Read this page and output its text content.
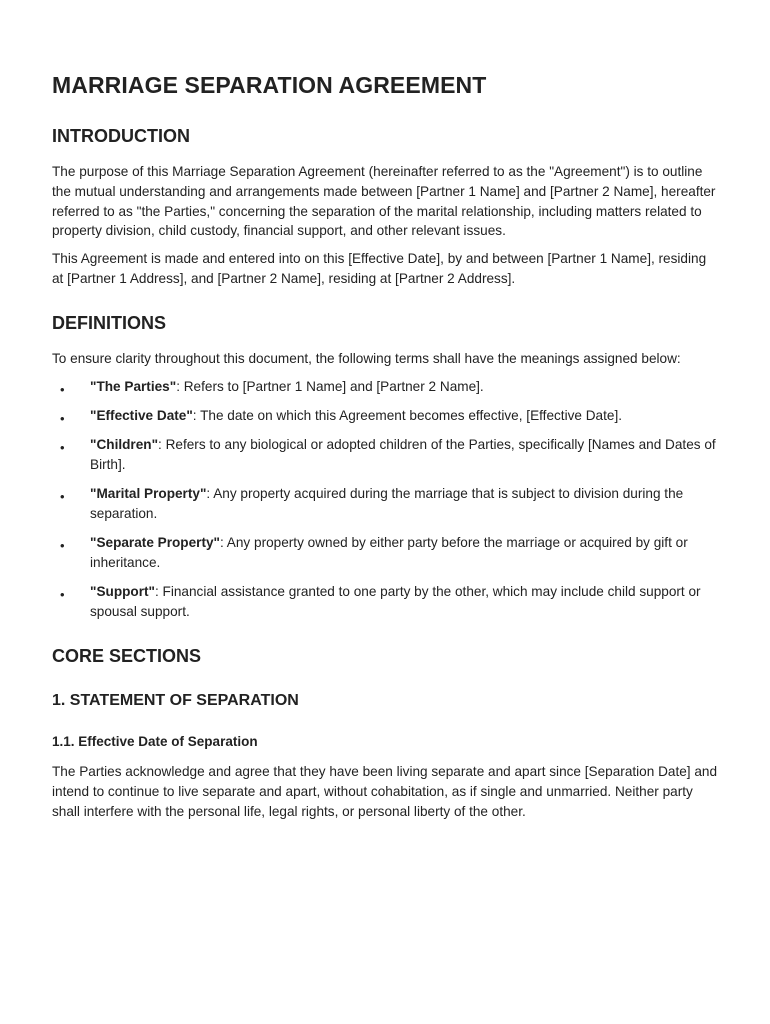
MARRIAGE SEPARATION AGREEMENT
INTRODUCTION

The purpose of this Marriage Separation Agreement (hereinafter referred to as the "Agreement") is to outline the mutual understanding and arrangements made between [Partner 1 Name] and [Partner 2 Name], hereafter referred to as "the Parties," concerning the separation of the marital relationship, including matters related to property division, child custody, financial support, and other relevant issues.

This Agreement is made and entered into on this [Effective Date], by and between [Partner 1 Name], residing at [Partner 1 Address], and [Partner 2 Name], residing at [Partner 2 Address].

DEFINITIONS

To ensure clarity throughout this document, the following terms shall have the meanings assigned below:

• "The Parties": Refers to [Partner 1 Name] and [Partner 2 Name].
• "Effective Date": The date on which this Agreement becomes effective, [Effective Date].
• "Children": Refers to any biological or adopted children of the Parties, specifically [Names and Dates of Birth].
• "Marital Property": Any property acquired during the marriage that is subject to division during the separation.
• "Separate Property": Any property owned by either party before the marriage or acquired by gift or inheritance.
• "Support": Financial assistance granted to one party by the other, which may include child support or spousal support.
CORE SECTIONS
1. STATEMENT OF SEPARATION
1.1. Effective Date of Separation

The Parties acknowledge and agree that they have been living separate and apart since [Separation Date] and intend to continue to live separate and apart, without cohabitation, as if single and unmarried. Neither party shall interfere with the personal life, legal rights, or personal liberty of the other.
